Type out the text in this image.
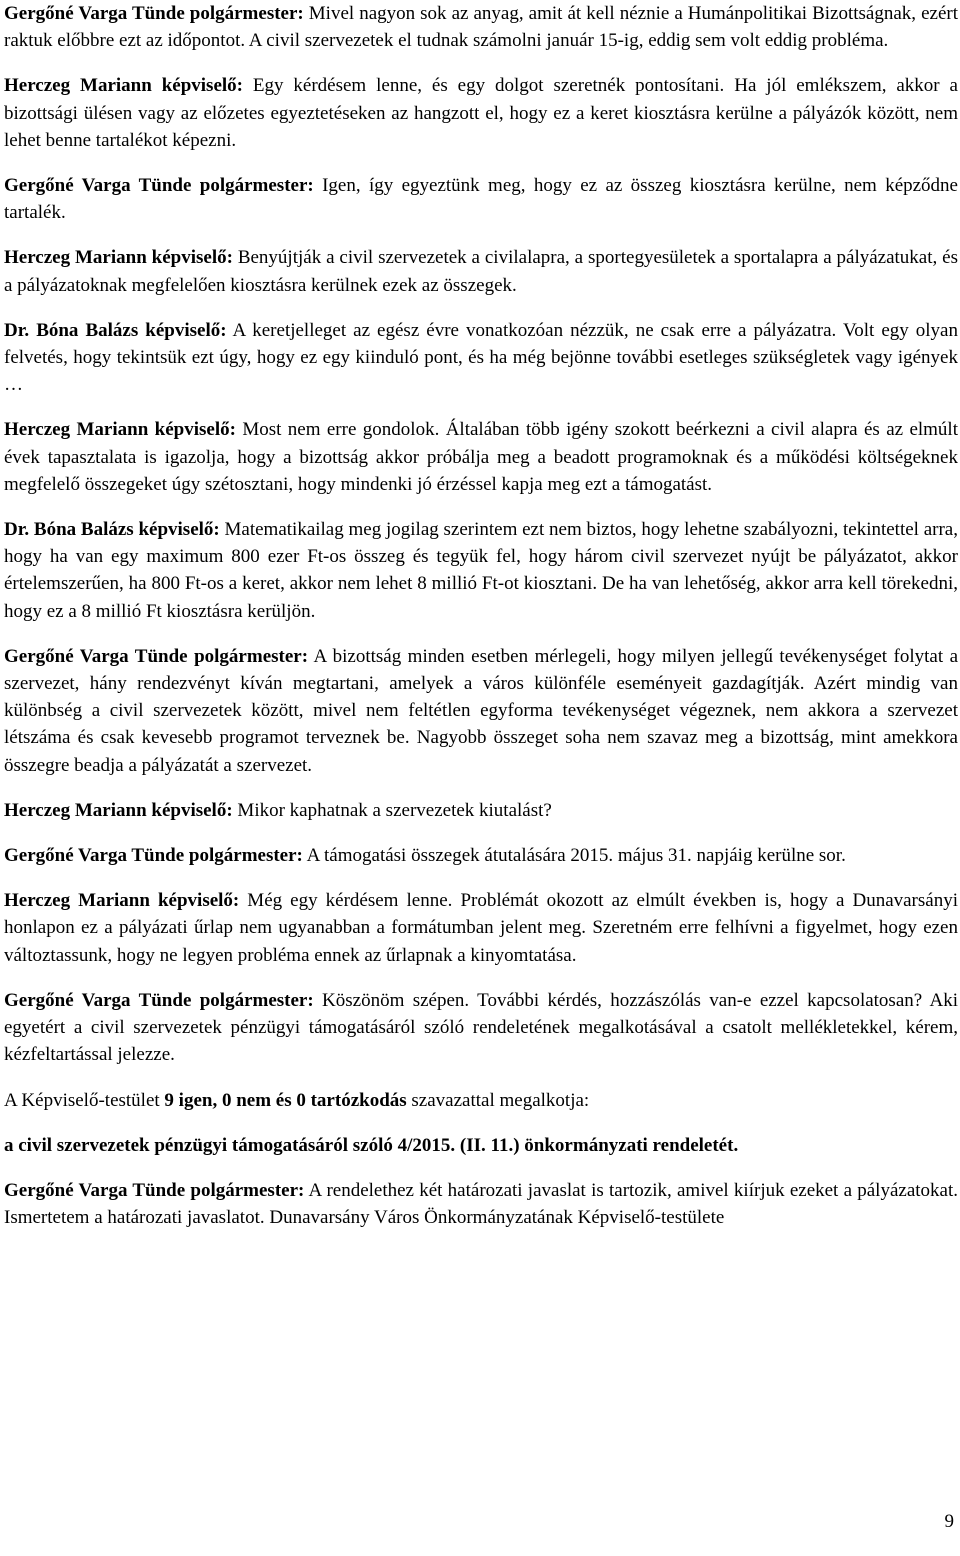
Gergőné Varga Tünde polgármester: Mivel nagyon sok az anyag, amit át kell néznie a Humánpolitikai Bizottságnak, ezért raktuk előbbre ezt az időpontot. A civil szervezetek el tudnak számolni január 15-ig, eddig sem volt eddig probléma.

Herczeg Mariann képviselő: Egy kérdésem lenne, és egy dolgot szeretnék pontosítani. Ha jól emlékszem, akkor a bizottsági ülésen vagy az előzetes egyeztetéseken az hangzott el, hogy ez a keret kiosztásra kerülne a pályázók között, nem lehet benne tartalékot képezni.

Gergőné Varga Tünde polgármester: Igen, így egyeztünk meg, hogy ez az összeg kiosztásra kerülne, nem képződne tartalék.

Herczeg Mariann képviselő: Benyújtják a civil szervezetek a civilalapra, a sportegyesületek a sportalapra a pályázatukat, és a pályázatoknak megfelelően kiosztásra kerülnek ezek az összegek.

Dr. Bóna Balázs képviselő: A keretjelleget az egész évre vonatkozóan nézzük, ne csak erre a pályázatra. Volt egy olyan felvetés, hogy tekintsük ezt úgy, hogy ez egy kiinduló pont, és ha még bejönne további esetleges szükségletek vagy igények …

Herczeg Mariann képviselő: Most nem erre gondolok. Általában több igény szokott beérkezni a civil alapra és az elmúlt évek tapasztalata is igazolja, hogy a bizottság akkor próbálja meg a beadott programoknak és a működési költségeknek megfelelő összegeket úgy szétosztani, hogy mindenki jó érzéssel kapja meg ezt a támogatást.

Dr. Bóna Balázs képviselő: Matematikailag meg jogilag szerintem ezt nem biztos, hogy lehetne szabályozni, tekintettel arra, hogy ha van egy maximum 800 ezer Ft-os összeg és tegyük fel, hogy három civil szervezet nyújt be pályázatot, akkor értelemszerűen, ha 800 Ft-os a keret, akkor nem lehet 8 millió Ft-ot kiosztani. De ha van lehetőség, akkor arra kell törekedni, hogy ez a 8 millió Ft kiosztásra kerüljön.

Gergőné Varga Tünde polgármester: A bizottság minden esetben mérlegeli, hogy milyen jellegű tevékenységet folytat a szervezet, hány rendezvényt kíván megtartani, amelyek a város különféle eseményeit gazdagítják. Azért mindig van különbség a civil szervezetek között, mivel nem feltétlen egyforma tevékenységet végeznek, nem akkora a szervezet létszáma és csak kevesebb programot terveznek be. Nagyobb összeget soha nem szavaz meg a bizottság, mint amekkora összegre beadja a pályázatát a szervezet.

Herczeg Mariann képviselő: Mikor kaphatnak a szervezetek kiutalást?

Gergőné Varga Tünde polgármester: A támogatási összegek átutalására 2015. május 31. napjáig kerülne sor.

Herczeg Mariann képviselő: Még egy kérdésem lenne. Problémát okozott az elmúlt években is, hogy a Dunavarsányi honlapon ez a pályázati űrlap nem ugyanabban a formátumban jelent meg. Szeretném erre felhívni a figyelmet, hogy ezen változtassunk, hogy ne legyen probléma ennek az űrlapnak a kinyomtatása.

Gergőné Varga Tünde polgármester: Köszönöm szépen. További kérdés, hozzászólás van-e ezzel kapcsolatosan? Aki egyetért a civil szervezetek pénzügyi támogatásáról szóló rendeletének megalkotásával a csatolt mellékletekkel, kérem, kézfeltartással jelezze.

A Képviselő-testület 9 igen, 0 nem és 0 tartózkodás szavazattal megalkotja:

a civil szervezetek pénzügyi támogatásáról szóló 4/2015. (II. 11.) önkormányzati rendeletét.

Gergőné Varga Tünde polgármester: A rendelethez két határozati javaslat is tartozik, amivel kiírjuk ezeket a pályázatokat. Ismertetem a határozati javaslatot. Dunavarsány Város Önkormányzatának Képviselő-testülete

9
